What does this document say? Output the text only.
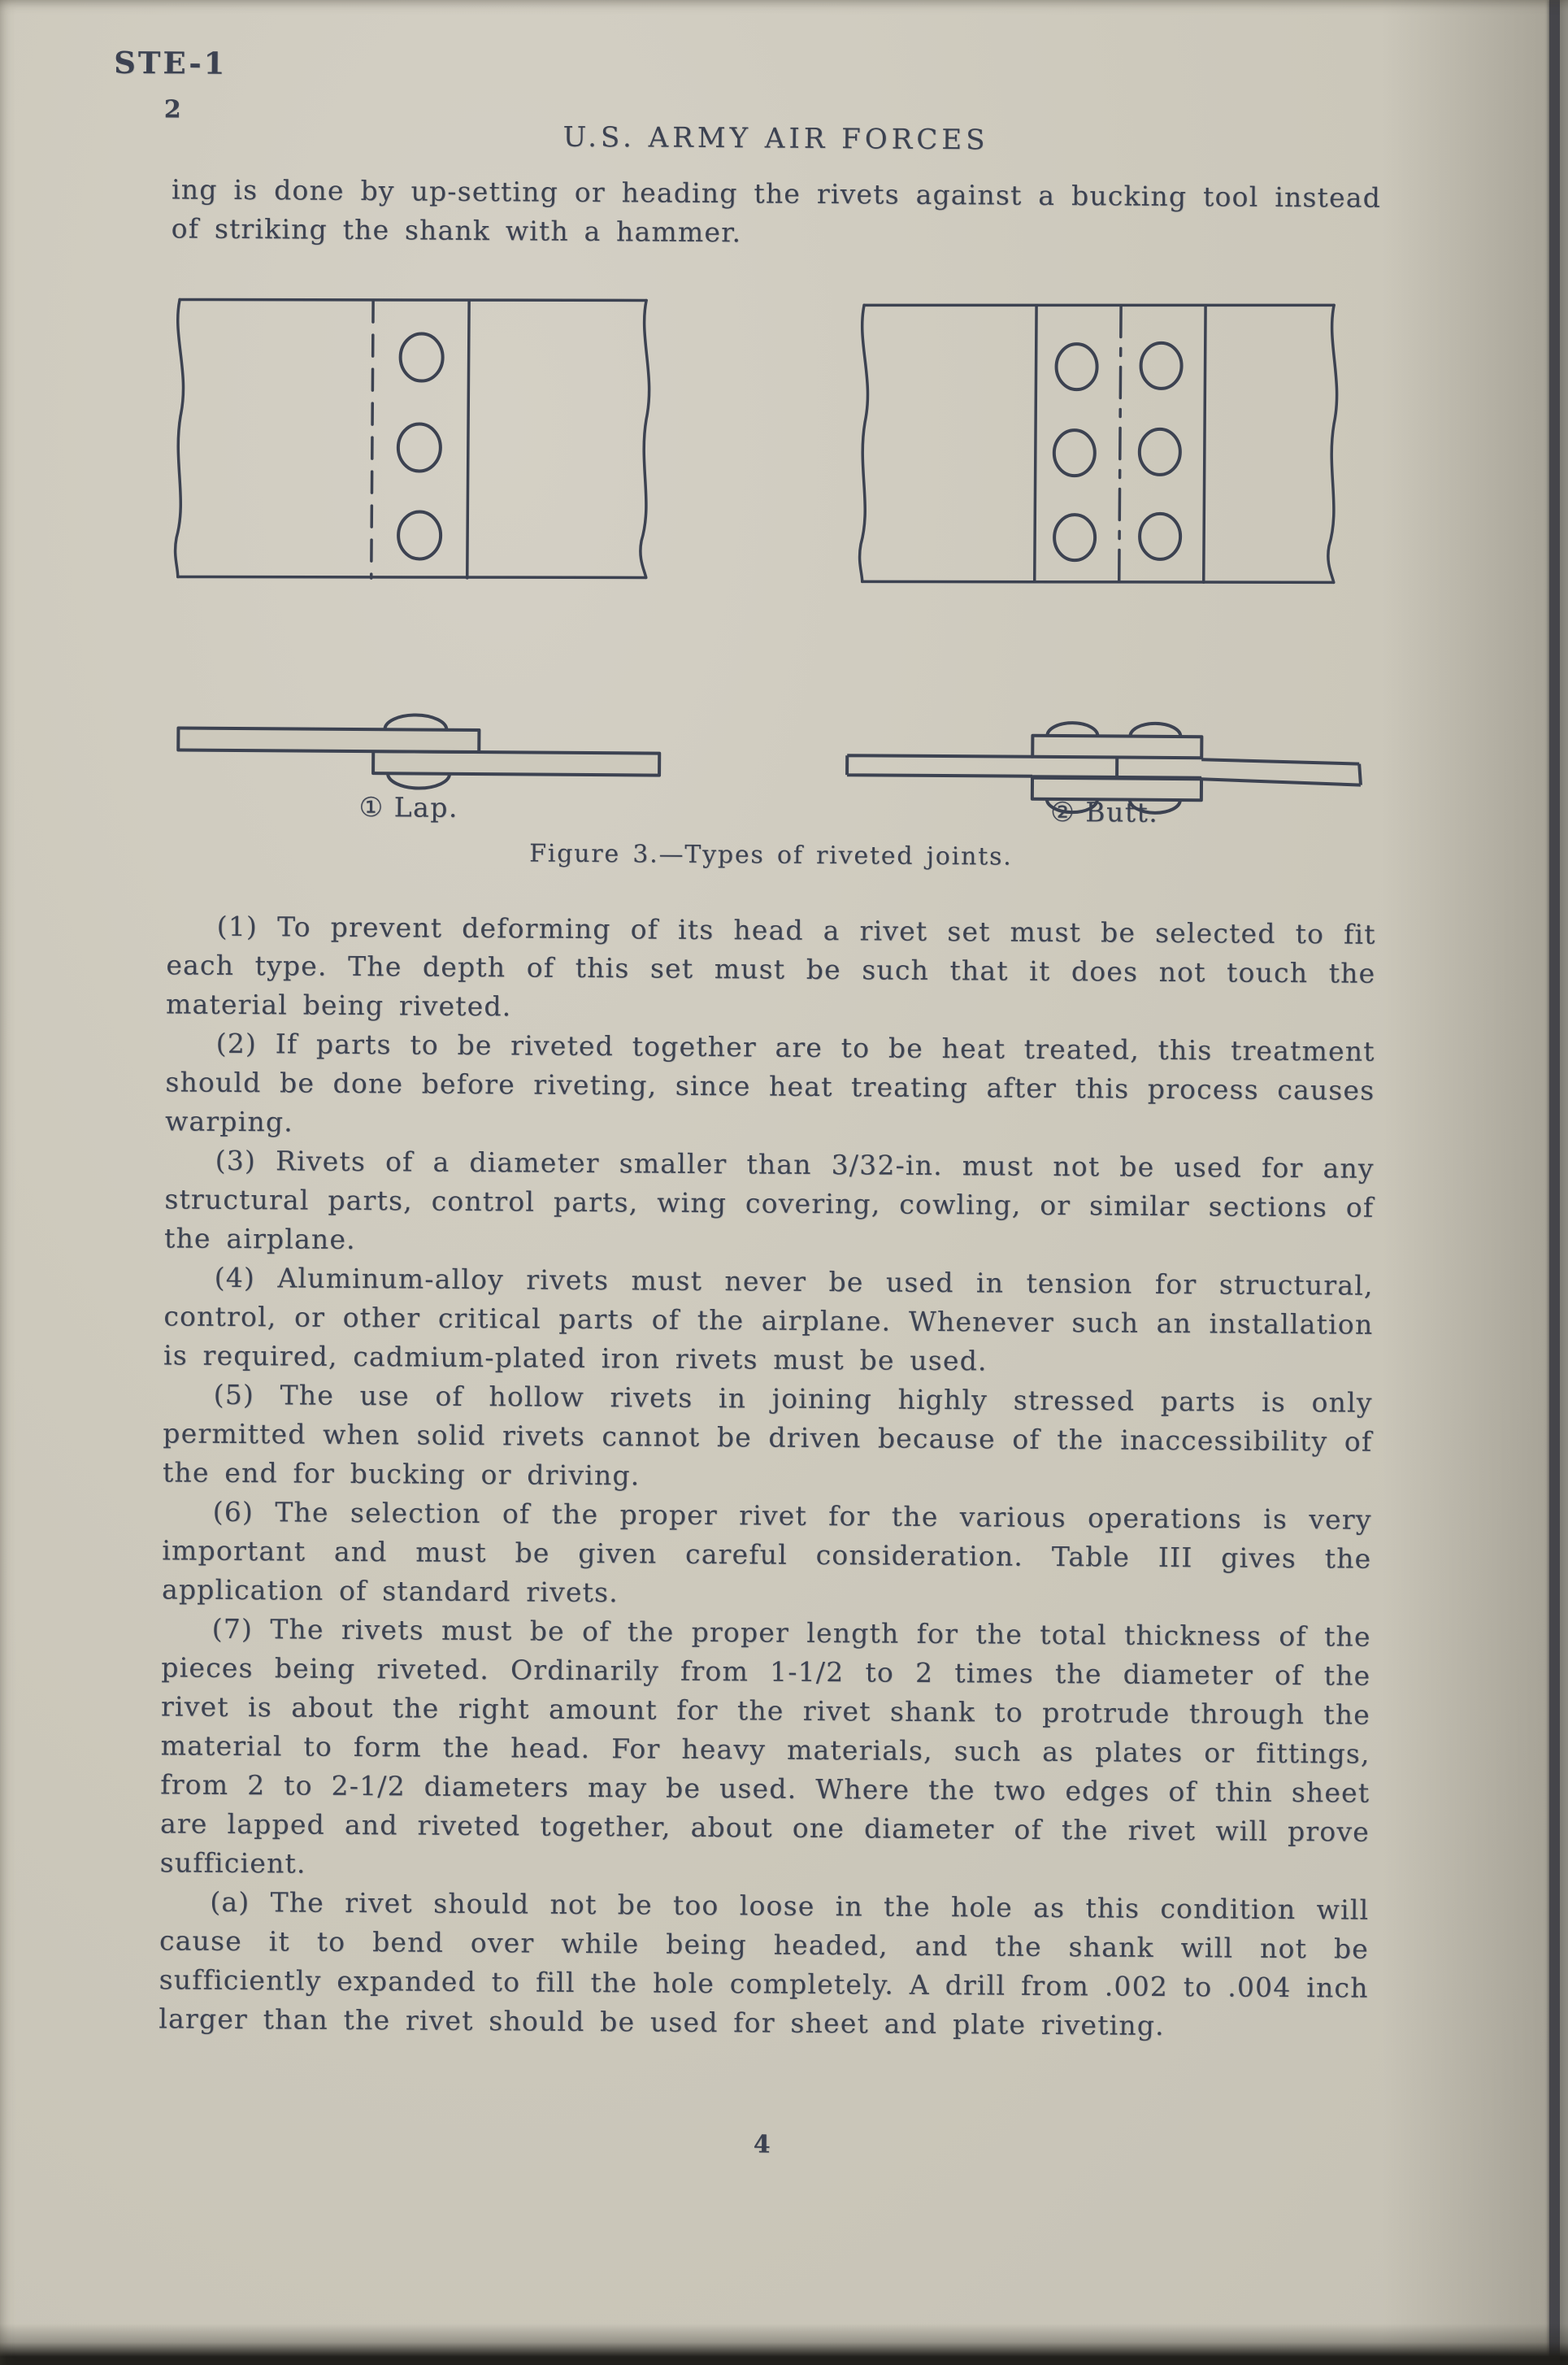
STE-1
2
U.S. ARMY AIR FORCES
ing is done by up-setting or heading the rivets against a bucking tool instead of striking the shank with a hammer.
① Lap.	② Butt.
Figure 3.—Types of riveted joints.

(1) To prevent deforming of its head a rivet set must be selected to fit each type. The depth of this set must be such that it does not touch the material being riveted.

(2) If parts to be riveted together are to be heat treated, this treatment should be done before riveting, since heat treating after this process causes warping.

(3) Rivets of a diameter smaller than 3/32-in. must not be used for any structural parts, control parts, wing covering, cowling, or similar sections of the airplane.

(4) Aluminum-alloy rivets must never be used in tension for structural, control, or other critical parts of the airplane. Whenever such an installation is required, cadmium-plated iron rivets must be used.

(5) The use of hollow rivets in joining highly stressed parts is only permitted when solid rivets cannot be driven because of the inaccessibility of the end for bucking or driving.

(6) The selection of the proper rivet for the various operations is very important and must be given careful consideration. Table III gives the application of standard rivets.

(7) The rivets must be of the proper length for the total thickness of the pieces being riveted. Ordinarily from 1-1/2 to 2 times the diameter of the rivet is about the right amount for the rivet shank to protrude through the material to form the head. For heavy materials, such as plates or fittings, from 2 to 2-1/2 diameters may be used. Where the two edges of thin sheet are lapped and riveted together, about one diameter of the rivet will prove sufficient.

(a) The rivet should not be too loose in the hole as this condition will cause it to bend over while being headed, and the shank will not be sufficiently expanded to fill the hole completely. A drill from .002 to .004 inch larger than the rivet should be used for sheet and plate riveting.

4
